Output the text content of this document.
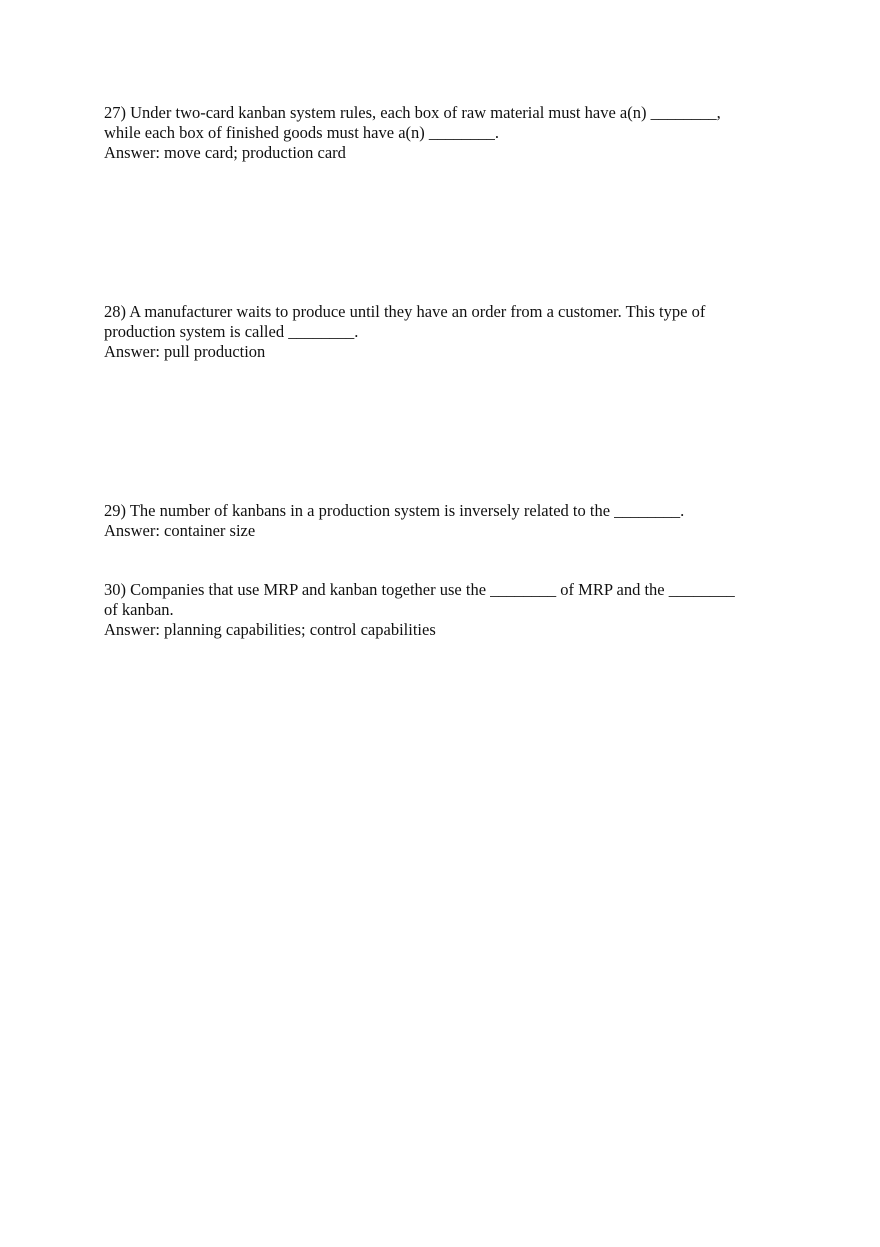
27) Under two-card kanban system rules, each box of raw material must have a(n) ________,
while each box of finished goods must have a(n) ________.
Answer: move card; production card
28) A manufacturer waits to produce until they have an order from a customer. This type of
production system is called ________.
Answer: pull production
29) The number of kanbans in a production system is inversely related to the ________.
Answer: container size
30) Companies that use MRP and kanban together use the ________ of MRP and the ________
of kanban.
Answer: planning capabilities; control capabilities
